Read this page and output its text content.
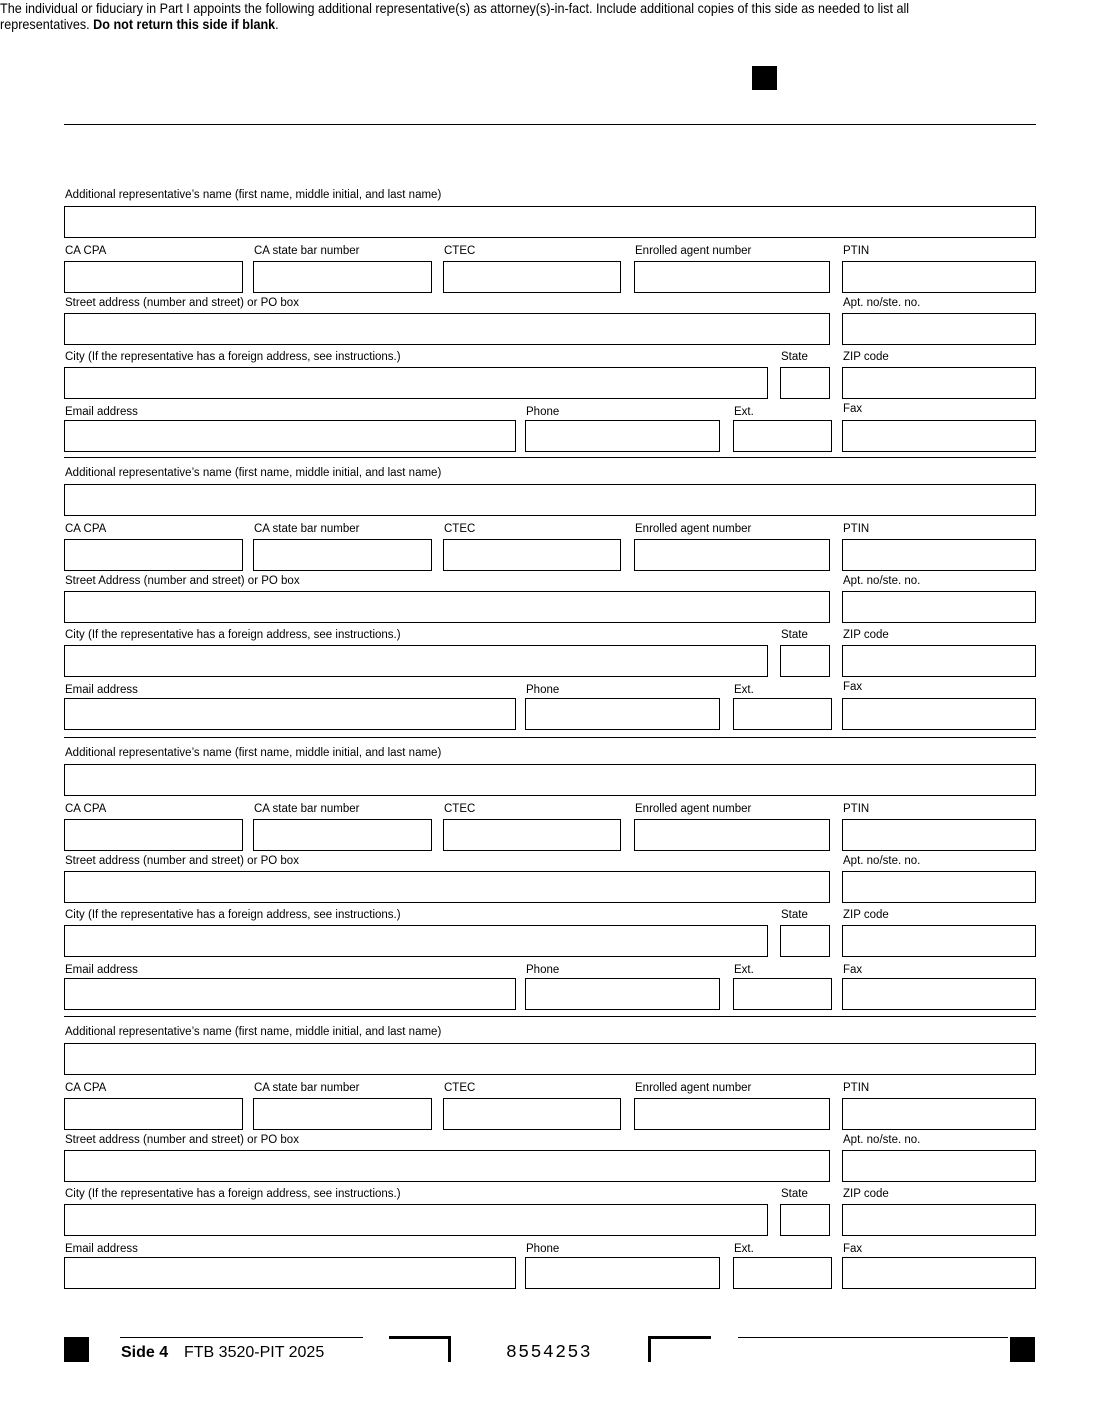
The individual or fiduciary in Part I appoints the following additional representative(s) as attorney(s)-in-fact. Include additional copies of this side as needed to list all representatives. Do not return this side if blank.
Additional representative’s name (first name, middle initial, and last name)
CA CPA	CA state bar number	CTEC	Enrolled agent number	PTIN
Street address (number and street) or PO box	Apt. no/ste. no.
City (If the representative has a foreign address, see instructions.)	State	ZIP code
Email address	Phone	Ext.	Fax
Additional representative’s name (first name, middle initial, and last name)
CA CPA	CA state bar number	CTEC	Enrolled agent number	PTIN
Street Address (number and street) or PO box	Apt. no/ste. no.
City (If the representative has a foreign address, see instructions.)	State	ZIP code
Email address	Phone	Ext.	Fax
Additional representative’s name (first name, middle initial, and last name)
CA CPA	CA state bar number	CTEC	Enrolled agent number	PTIN
Street address (number and street) or PO box	Apt. no/ste. no.
City (If the representative has a foreign address, see instructions.)	State	ZIP code
Email address	Phone	Ext.	Fax
Additional representative’s name (first name, middle initial, and last name)
CA CPA	CA state bar number	CTEC	Enrolled agent number	PTIN
Street address (number and street) or PO box	Apt. no/ste. no.
City (If the representative has a foreign address, see instructions.)	State	ZIP code
Email address	Phone	Ext.	Fax
Side 4 FTB 3520-PIT 2025	8554253
